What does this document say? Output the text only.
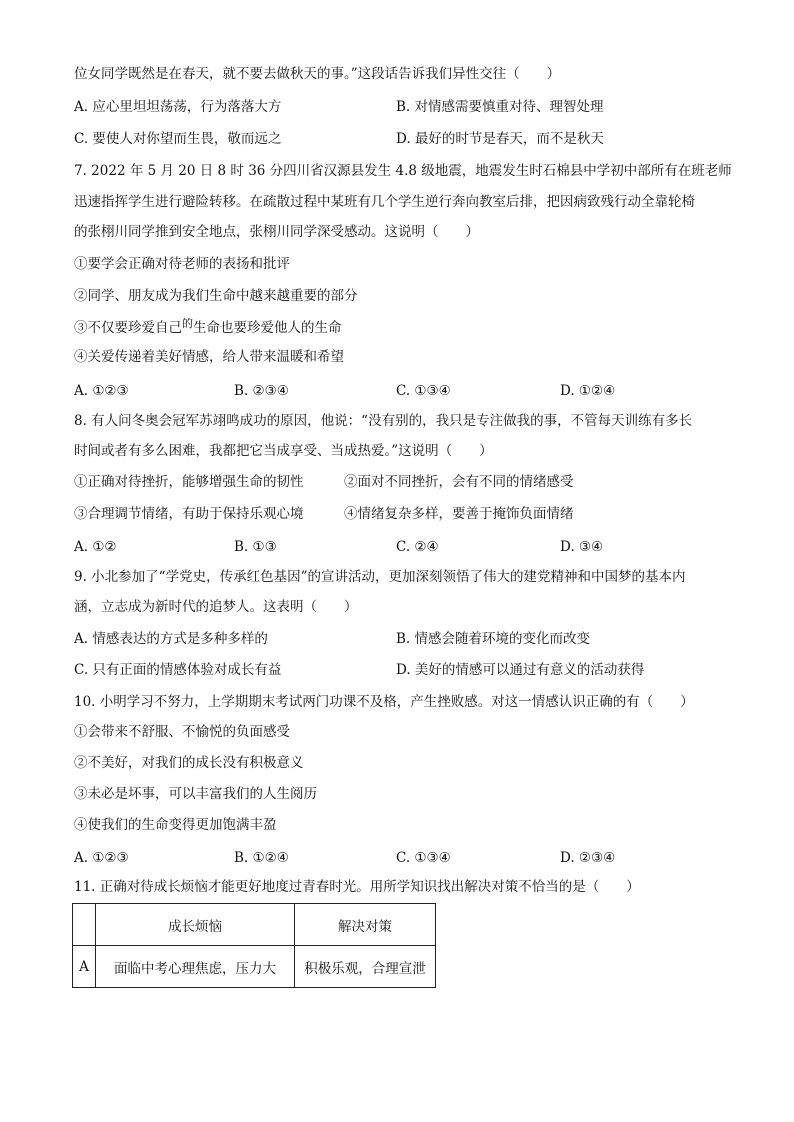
位女同学既然是在春天，就不要去做秋天的事。”这段话告诉我们异性交往（　　）
A. 应心里坦坦荡荡，行为落落大方	B. 对情感需要慎重对待、理智处理
C. 要使人对你望而生畏，敬而远之	D. 最好的时节是春天，而不是秋天
7. 2022 年 5 月 20 日 8 时 36 分四川省汉源县发生 4.8 级地震，地震发生时石棉县中学初中部所有在班老师
迅速指挥学生进行避险转移。在疏散过程中某班有几个学生逆行奔向教室后排，把因病致残行动全靠轮椅
的张栩川同学推到安全地点，张栩川同学深受感动。这说明（　　）
①要学会正确对待老师的表扬和批评
②同学、朋友成为我们生命中越来越重要的部分
③不仅要珍爱自己$^的$生命也要珍爱他人的生命
④关爱传递着美好情感，给人带来温暖和希望
A. ①②③	B. ②③④	C. ①③④	D. ①②④
8. 有人问冬奥会冠军苏翊鸣成功的原因，他说：“没有别的，我只是专注做我的事，不管每天训练有多长
时间或者有多么困难，我都把它当成享受、当成热爱。”这说明（　　）
①正确对待挫折，能够增强生命的韧性	②面对不同挫折，会有不同的情绪感受
③合理调节情绪，有助于保持乐观心境	④情绪复杂多样，要善于掩饰负面情绪
A. ①②	B. ①③	C. ②④	D. ③④
9. 小北参加了“学党史，传承红色基因”的宣讲活动，更加深刻领悟了伟大的建党精神和中国梦的基本内
涵，立志成为新时代的追梦人。这表明（　　）
A. 情感表达的方式是多种多样的	B. 情感会随着环境的变化而改变
C. 只有正面的情感体验对成长有益	D. 美好的情感可以通过有意义的活动获得
10. 小明学习不努力，上学期期末考试两门功课不及格，产生挫败感。对这一情感认识正确的有（　　）
①会带来不舒服、不愉悦的负面感受
②不美好，对我们的成长没有积极意义
③未必是坏事，可以丰富我们的人生阅历
④使我们的生命变得更加饱满丰盈
A. ①②③	B. ①②④	C. ①③④	D. ②③④
11. 正确对待成长烦恼才能更好地度过青春时光。用所学知识找出解决对策不恰当的是（　　）
	成长烦恼	解决对策
A	面临中考心理焦虑，压力大	积极乐观，合理宣泄
